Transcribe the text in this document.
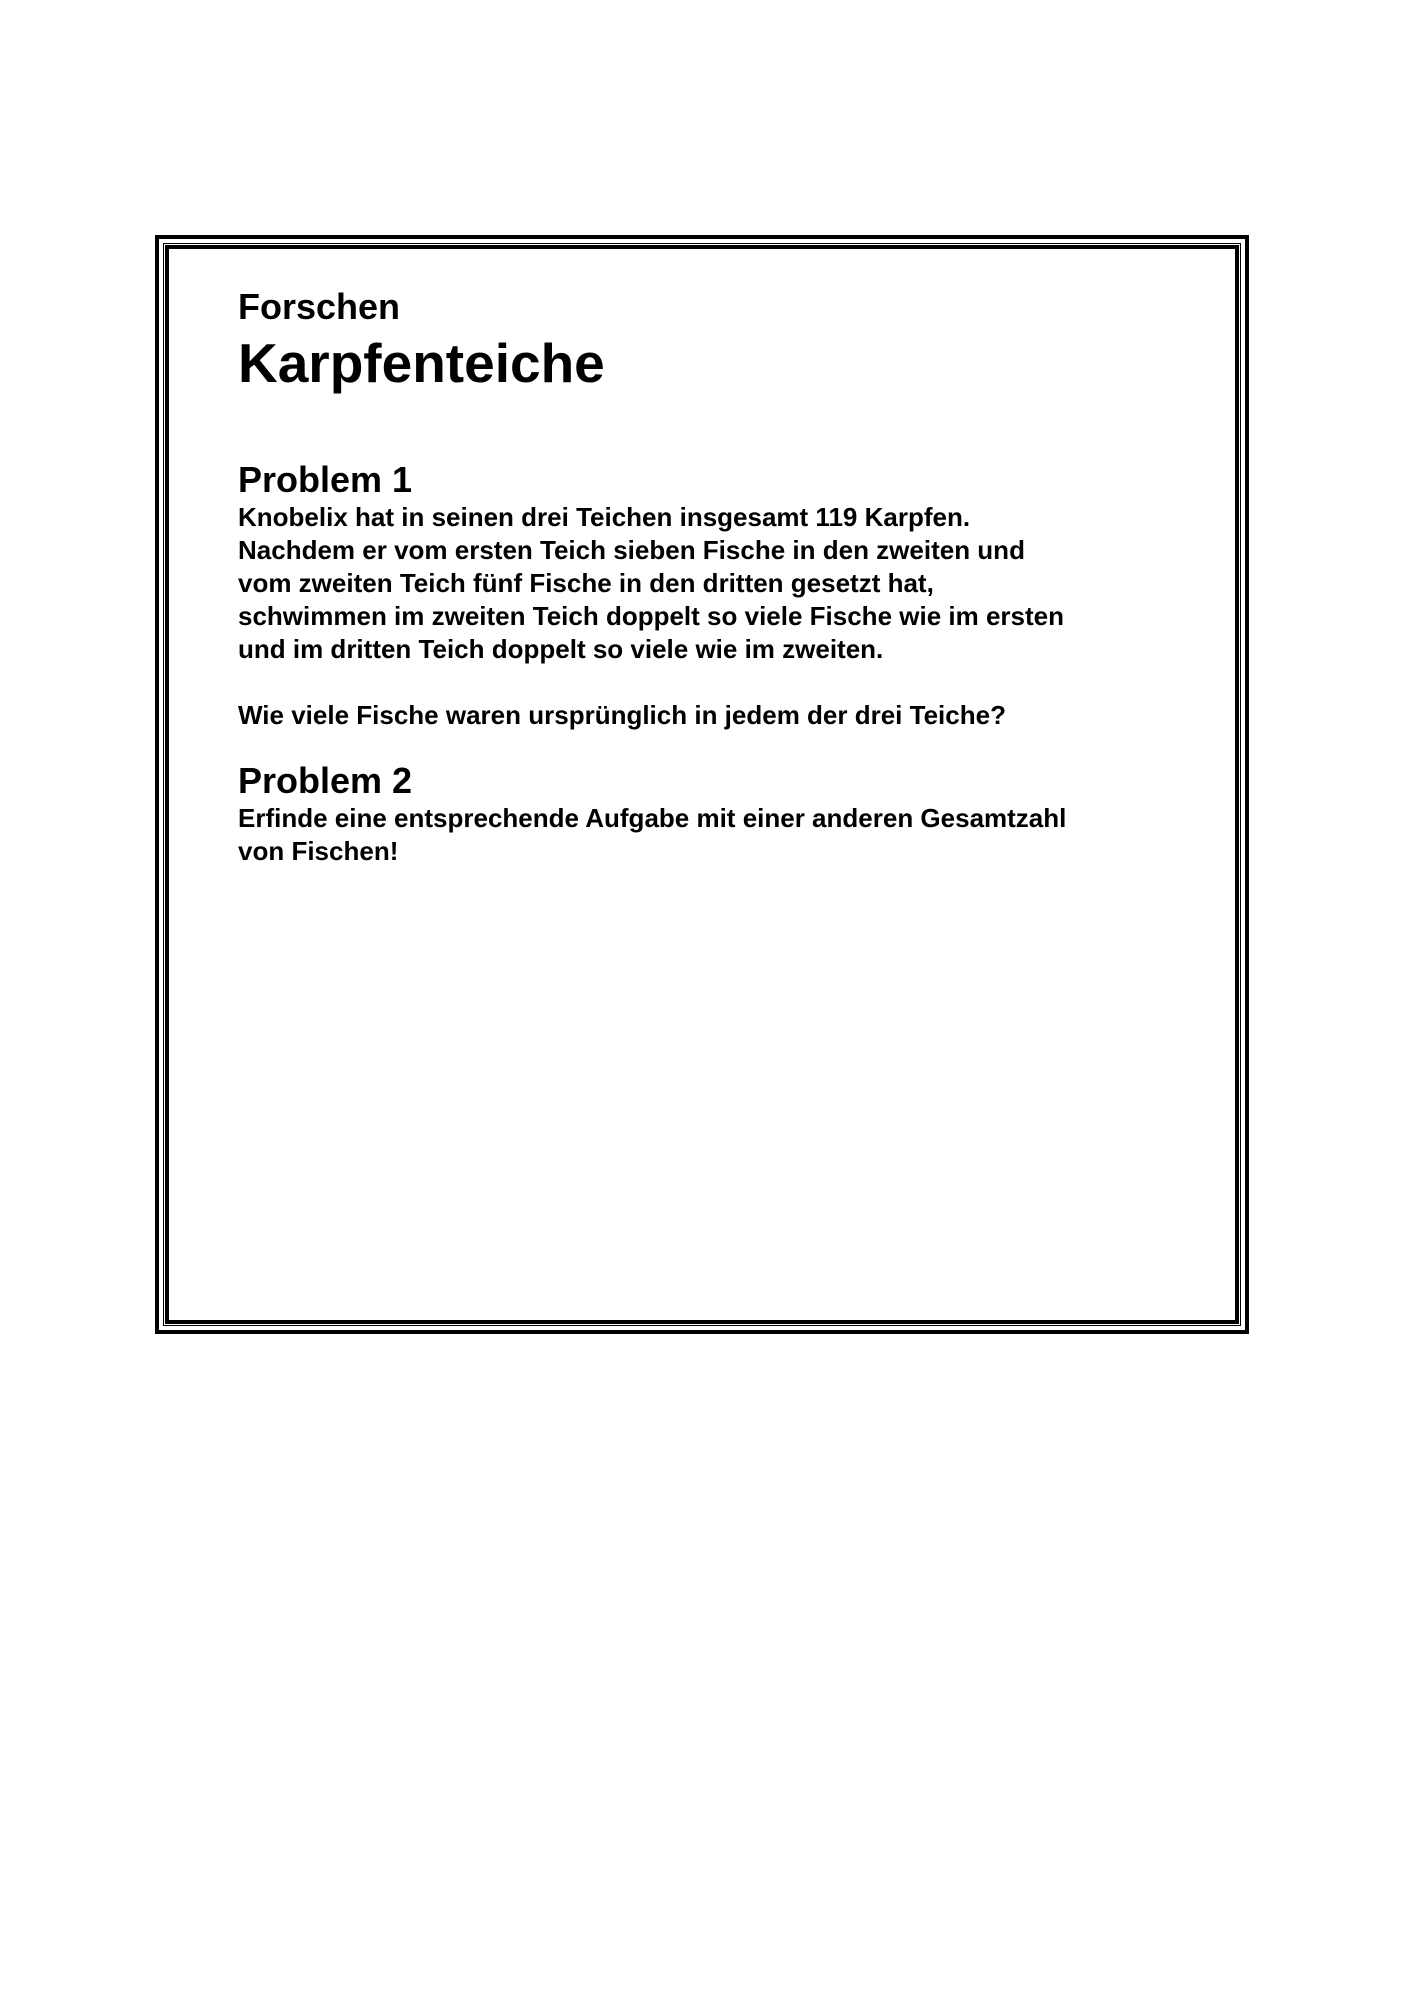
Forschen

Karpfenteiche
Problem 1

Knobelix hat in seinen drei Teichen insgesamt 119 Karpfen.
Nachdem er vom ersten Teich sieben Fische in den zweiten und
vom zweiten Teich fünf Fische in den dritten gesetzt hat,
schwimmen im zweiten Teich doppelt so viele Fische wie im ersten
und im dritten Teich doppelt so viele wie im zweiten.

Wie viele Fische waren ursprünglich in jedem der drei Teiche?

Problem 2

Erfinde eine entsprechende Aufgabe mit einer anderen Gesamtzahl
von Fischen!
